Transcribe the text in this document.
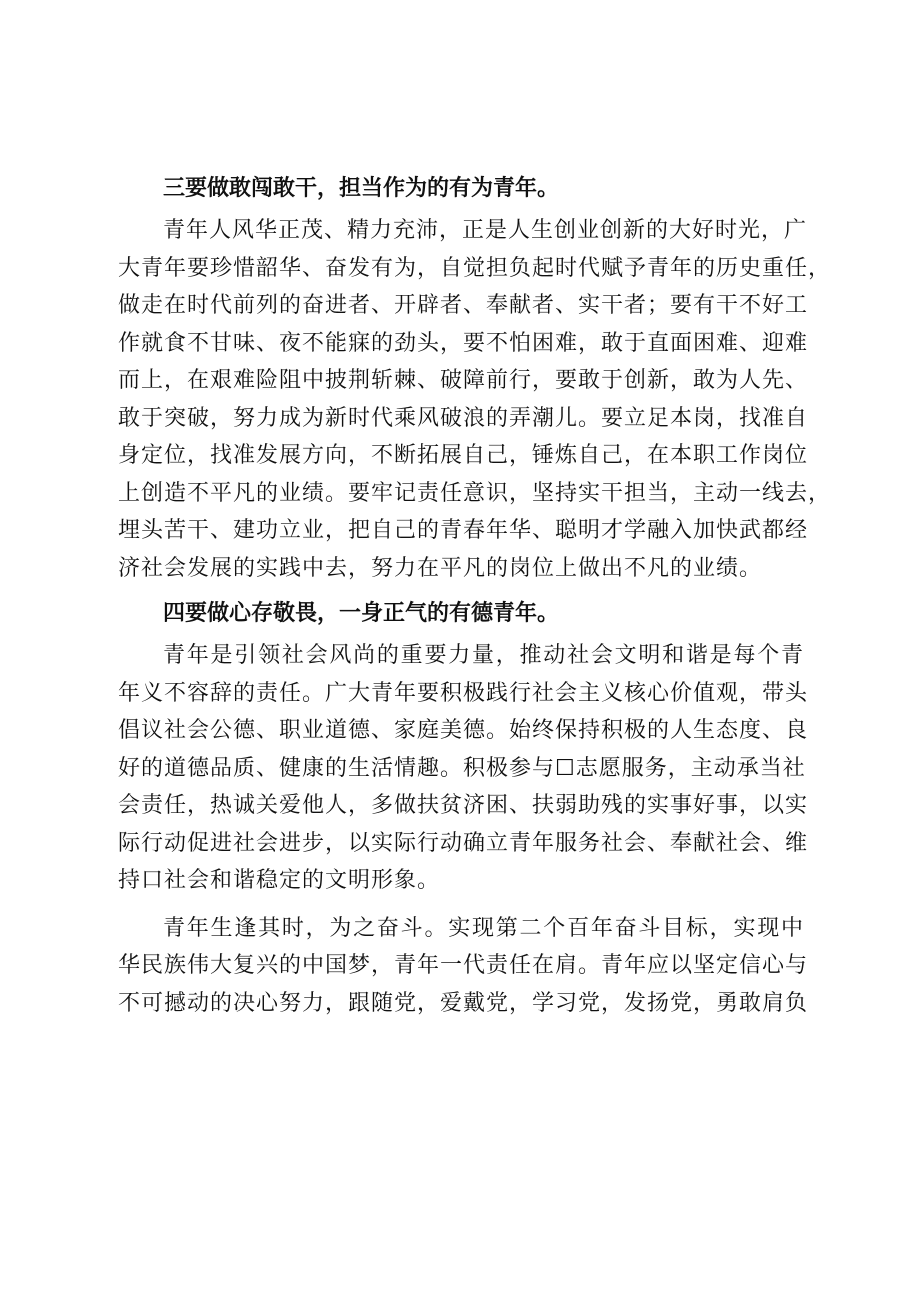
三要做敢闯敢干，担当作为的有为青年。

青年人风华正茂、精力充沛，正是人生创业创新的大好时光，广

大青年要珍惜韶华、奋发有为，自觉担负起时代赋予青年的历史重任，

做走在时代前列的奋进者、开辟者、奉献者、实干者；要有干不好工

作就食不甘味、夜不能寐的劲头，要不怕困难，敢于直面困难、迎难

而上，在艰难险阻中披荆斩棘、破障前行，要敢于创新，敢为人先、

敢于突破，努力成为新时代乘风破浪的弄潮儿。要立足本岗，找准自

身定位，找准发展方向，不断拓展自己，锤炼自己，在本职工作岗位

上创造不平凡的业绩。要牢记责任意识，坚持实干担当，主动一线去，

埋头苦干、建功立业，把自己的青春年华、聪明才学融入加快武都经

济社会发展的实践中去，努力在平凡的岗位上做出不凡的业绩。

四要做心存敬畏，一身正气的有德青年。

青年是引领社会风尚的重要力量，推动社会文明和谐是每个青

年义不容辞的责任。广大青年要积极践行社会主义核心价值观，带头

倡议社会公德、职业道德、家庭美德。始终保持积极的人生态度、良

好的道德品质、健康的生活情趣。积极参与☐志愿服务，主动承当社

会责任，热诚关爱他人，多做扶贫济困、扶弱助残的实事好事，以实

际行动促进社会进步，以实际行动确立青年服务社会、奉献社会、维

持口社会和谐稳定的文明形象。

青年生逢其时，为之奋斗。实现第二个百年奋斗目标，实现中

华民族伟大复兴的中国梦，青年一代责任在肩。青年应以坚定信心与

不可撼动的决心努力，跟随党，爱戴党，学习党，发扬党，勇敢肩负
